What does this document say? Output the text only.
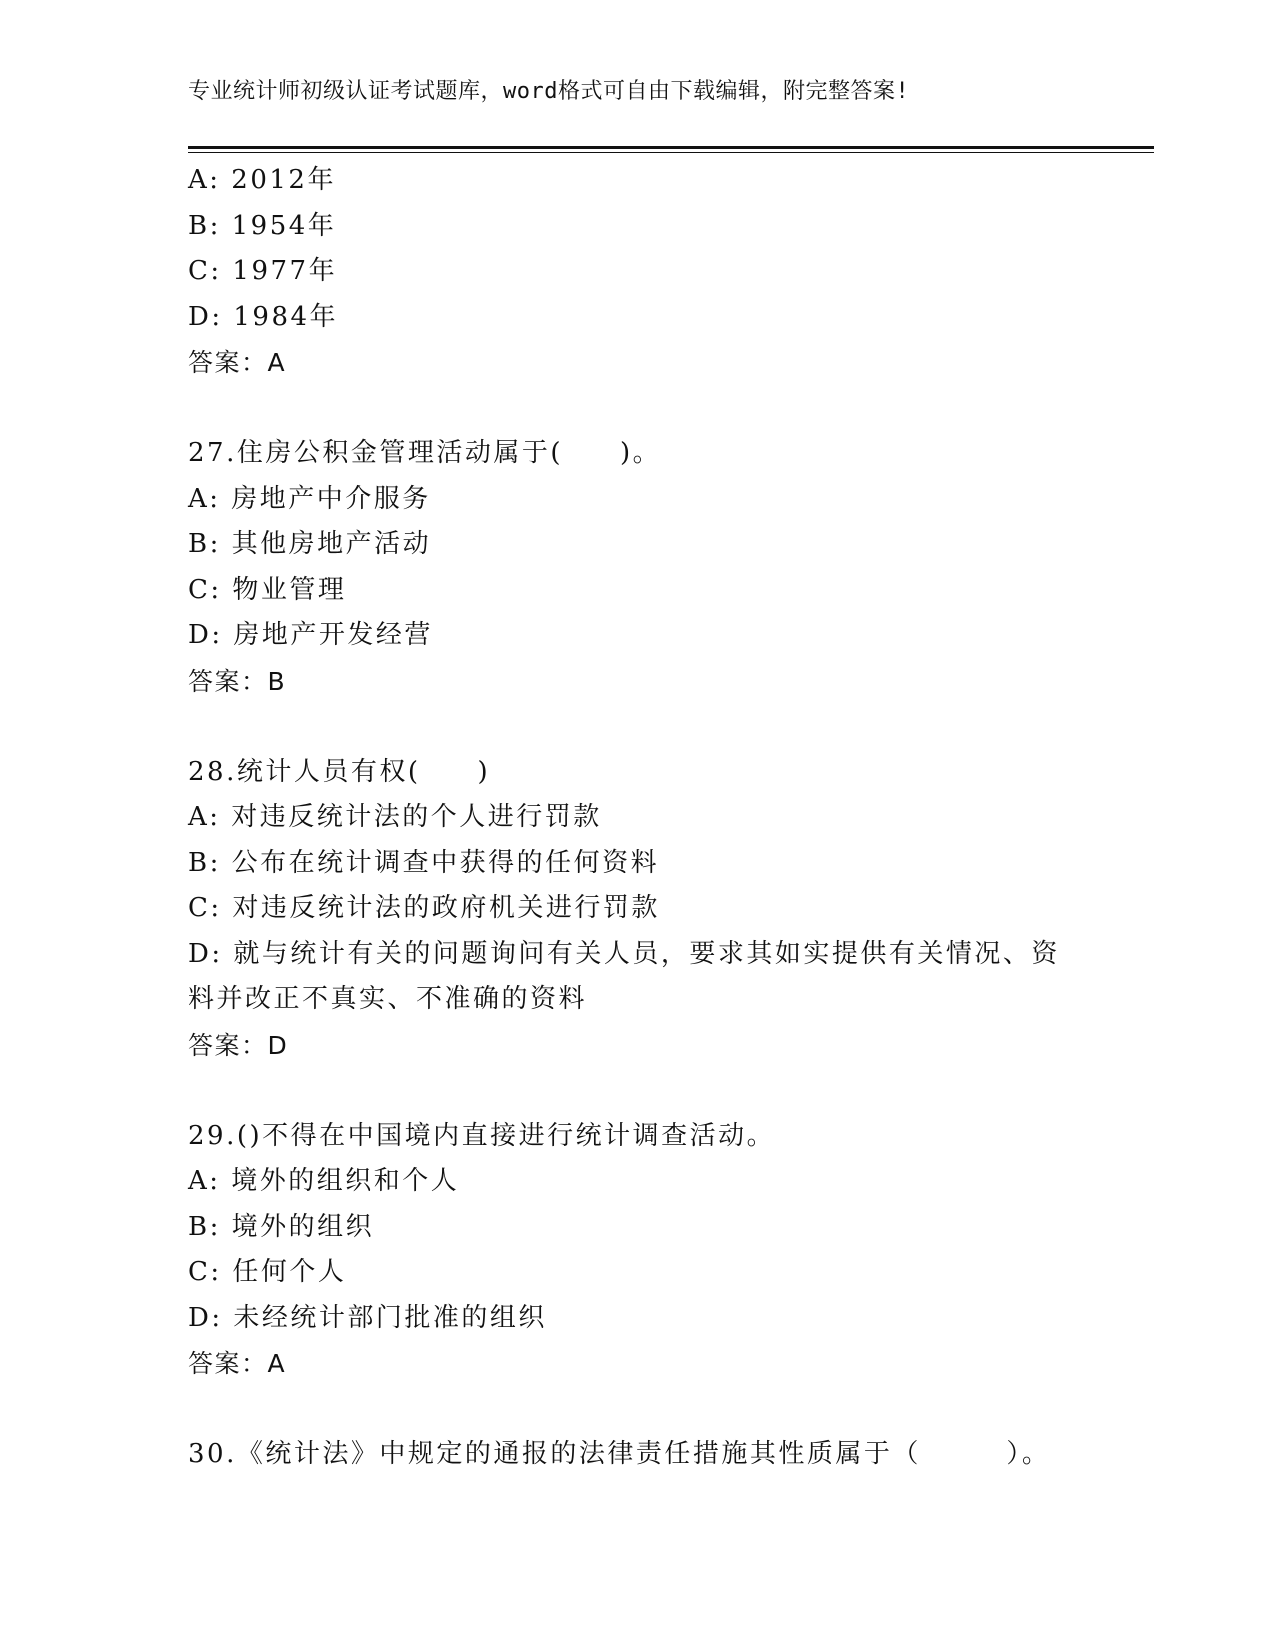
专业统计师初级认证考试题库，word格式可自由下载编辑，附完整答案!
A: 2012年
B: 1954年
C: 1977年
D: 1984年
答案：A
27.住房公积金管理活动属于(　　)。
A: 房地产中介服务
B: 其他房地产活动
C: 物业管理
D: 房地产开发经营
答案：B
28.统计人员有权(　　)
A: 对违反统计法的个人进行罚款
B: 公布在统计调查中获得的任何资料
C: 对违反统计法的政府机关进行罚款
D: 就与统计有关的问题询问有关人员，要求其如实提供有关情况、资料并改正不真实、不准确的资料
答案：D
29.()不得在中国境内直接进行统计调查活动。
A: 境外的组织和个人
B: 境外的组织
C: 任何个人
D: 未经统计部门批准的组织
答案：A
30.《统计法》中规定的通报的法律责任措施其性质属于（　　　）。
